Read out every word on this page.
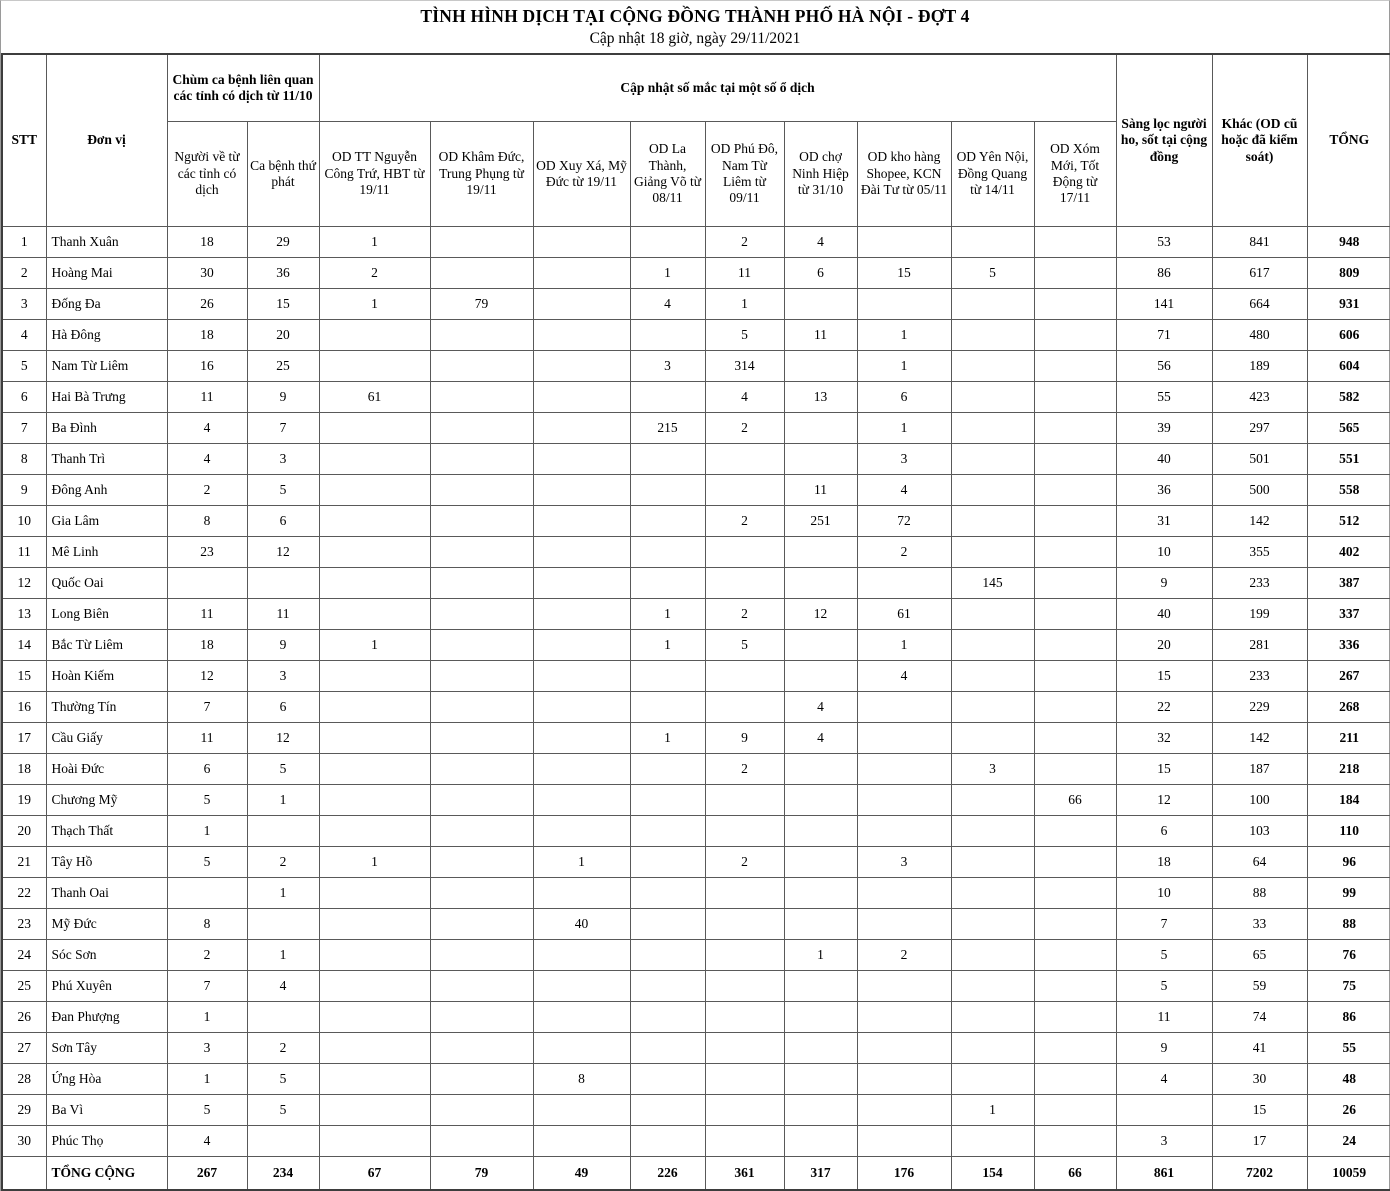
TÌNH HÌNH DỊCH TẠI CỘNG ĐỒNG THÀNH PHỐ HÀ NỘI - ĐỢT 4
Cập nhật 18 giờ, ngày 29/11/2021
STT	Đơn vị	Chùm ca bệnh liên quan các tỉnh có dịch từ 11/10		Cập nhật số mắc tại một số ổ dịch									Sàng lọc người ho, sốt tại cộng đồng	Khác (OD cũ hoặc đã kiểm soát)	TỔNG
		Người về từ các tỉnh có dịch	Ca bệnh thứ phát	OD TT Nguyễn Công Trứ, HBT từ 19/11	OD Khâm Đức, Trung Phụng từ 19/11	OD Xuy Xá, Mỹ Đức từ 19/11	OD La Thành, Giảng Võ từ 08/11	OD Phú Đô, Nam Từ Liêm từ 09/11	OD chợ Ninh Hiệp từ 31/10	OD kho hàng Shopee, KCN Đài Tư từ 05/11	OD Yên Nội, Đồng Quang từ 14/11	OD Xóm Mới, Tốt Động từ 17/11			
1	Thanh Xuân	18	29	1				2	4				53	841	948
2	Hoàng Mai	30	36	2			1	11	6	15	5		86	617	809
3	Đống Đa	26	15	1	79		4	1					141	664	931
4	Hà Đông	18	20					5	11	1			71	480	606
5	Nam Từ Liêm	16	25				3	314		1			56	189	604
6	Hai Bà Trưng	11	9	61				4	13	6			55	423	582
7	Ba Đình	4	7				215	2		1			39	297	565
8	Thanh Trì	4	3							3			40	501	551
9	Đông Anh	2	5						11	4			36	500	558
10	Gia Lâm	8	6					2	251	72			31	142	512
11	Mê Linh	23	12							2			10	355	402
12	Quốc Oai										145		9	233	387
13	Long Biên	11	11				1	2	12	61			40	199	337
14	Bắc Từ Liêm	18	9	1			1	5		1			20	281	336
15	Hoàn Kiếm	12	3							4			15	233	267
16	Thường Tín	7	6						4				22	229	268
17	Cầu Giấy	11	12				1	9	4				32	142	211
18	Hoài Đức	6	5					2			3		15	187	218
19	Chương Mỹ	5	1									66	12	100	184
20	Thạch Thất	1											6	103	110
21	Tây Hồ	5	2	1		1		2		3			18	64	96
22	Thanh Oai		1										10	88	99
23	Mỹ Đức	8				40							7	33	88
24	Sóc Sơn	2	1						1	2			5	65	76
25	Phú Xuyên	7	4										5	59	75
26	Đan Phượng	1											11	74	86
27	Sơn Tây	3	2										9	41	55
28	Ứng Hòa	1	5			8							4	30	48
29	Ba Vì	5	5								1			15	26
30	Phúc Thọ	4											3	17	24
	TỔNG CỘNG	267	234	67	79	49	226	361	317	176	154	66	861	7202	10059
